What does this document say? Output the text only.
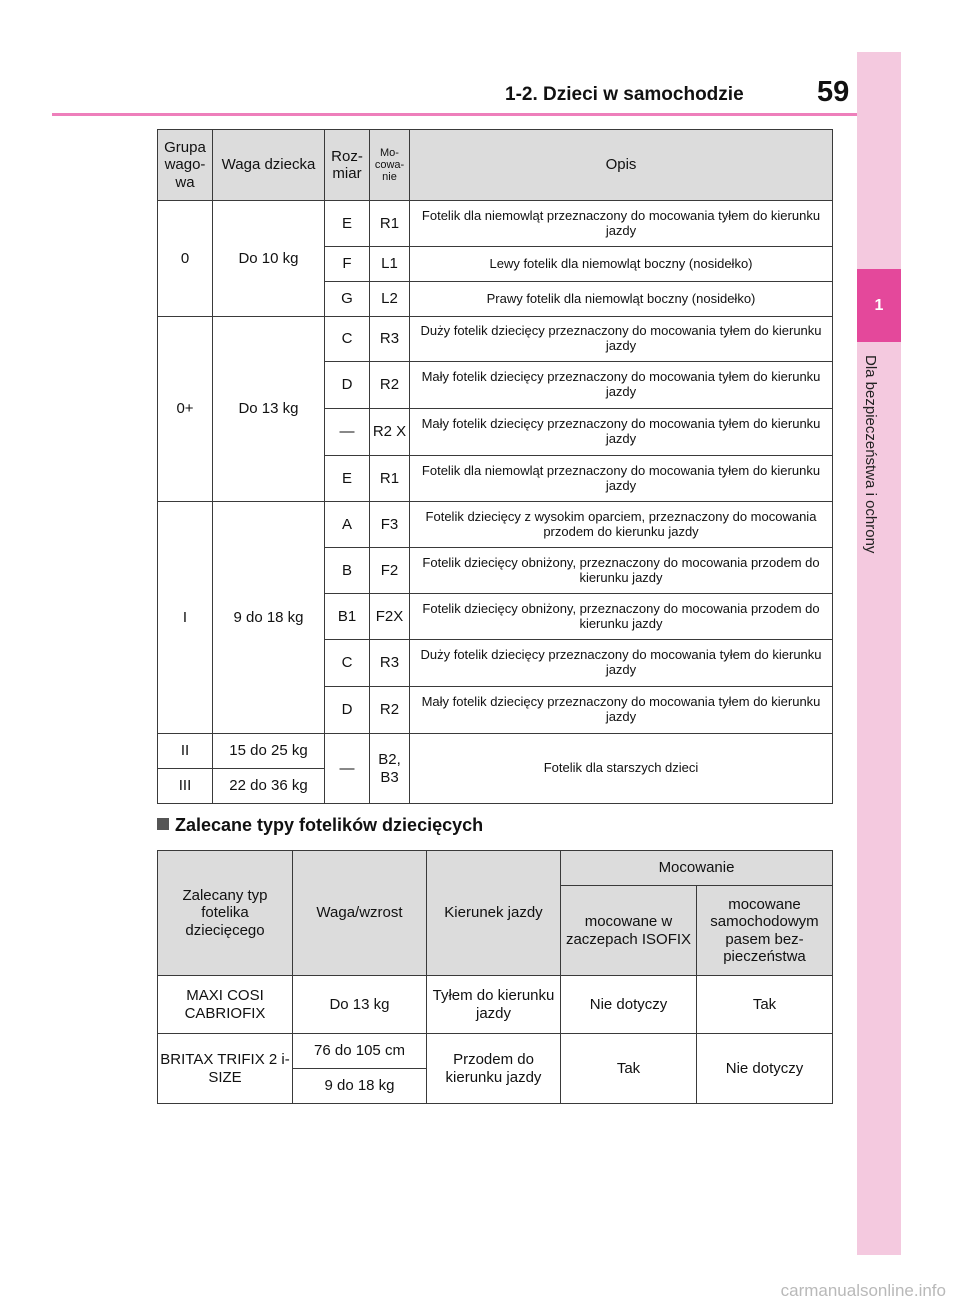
1-2. Dzieci w samochodzie	59
1
Dla bezpieczeństwa i ochrony
Grupa wago-wa	Waga dziecka	Roz-miar	Mo-cowa-nie	Opis
0	Do 10 kg	E	R1	Fotelik dla niemowląt przeznaczony do mocowania tyłem do kierunku jazdy
		F	L1	Lewy fotelik dla niemowląt boczny (nosidełko)
		G	L2	Prawy fotelik dla niemowląt boczny (nosidełko)
0+	Do 13 kg	C	R3	Duży fotelik dziecięcy przeznaczony do mocowania tyłem do kierunku jazdy
		D	R2	Mały fotelik dziecięcy przeznaczony do mocowania tyłem do kierunku jazdy
		—	R2 X	Mały fotelik dziecięcy przeznaczony do mocowania tyłem do kierunku jazdy
		E	R1	Fotelik dla niemowląt przeznaczony do mocowania tyłem do kierunku jazdy
I	9 do 18 kg	A	F3	Fotelik dziecięcy z wysokim oparciem, przeznaczony do mocowania przodem do kierunku jazdy
		B	F2	Fotelik dziecięcy obniżony, przeznaczony do mocowania przodem do kierunku jazdy
		B1	F2X	Fotelik dziecięcy obniżony, przeznaczony do mocowania przodem do kierunku jazdy
		C	R3	Duży fotelik dziecięcy przeznaczony do mocowania tyłem do kierunku jazdy
		D	R2	Mały fotelik dziecięcy przeznaczony do mocowania tyłem do kierunku jazdy
II	15 do 25 kg	—	B2, B3	Fotelik dla starszych dzieci
III	22 do 36 kg			
Zalecane typy fotelików dziecięcych
Zalecany typ fotelika dziecięcego	Waga/wzrost	Kierunek jazdy	Mocowanie	
			mocowane w zaczepach ISOFIX	mocowane samochodowym pasem bez-pieczeństwa
MAXI COSI CABRIOFIX	Do 13 kg	Tyłem do kierunku jazdy	Nie dotyczy	Tak
BRITAX TRIFIX 2 i-SIZE	76 do 105 cm	Przodem do kierunku jazdy	Tak	Nie dotyczy
	9 do 18 kg			
carmanualsonline.info
